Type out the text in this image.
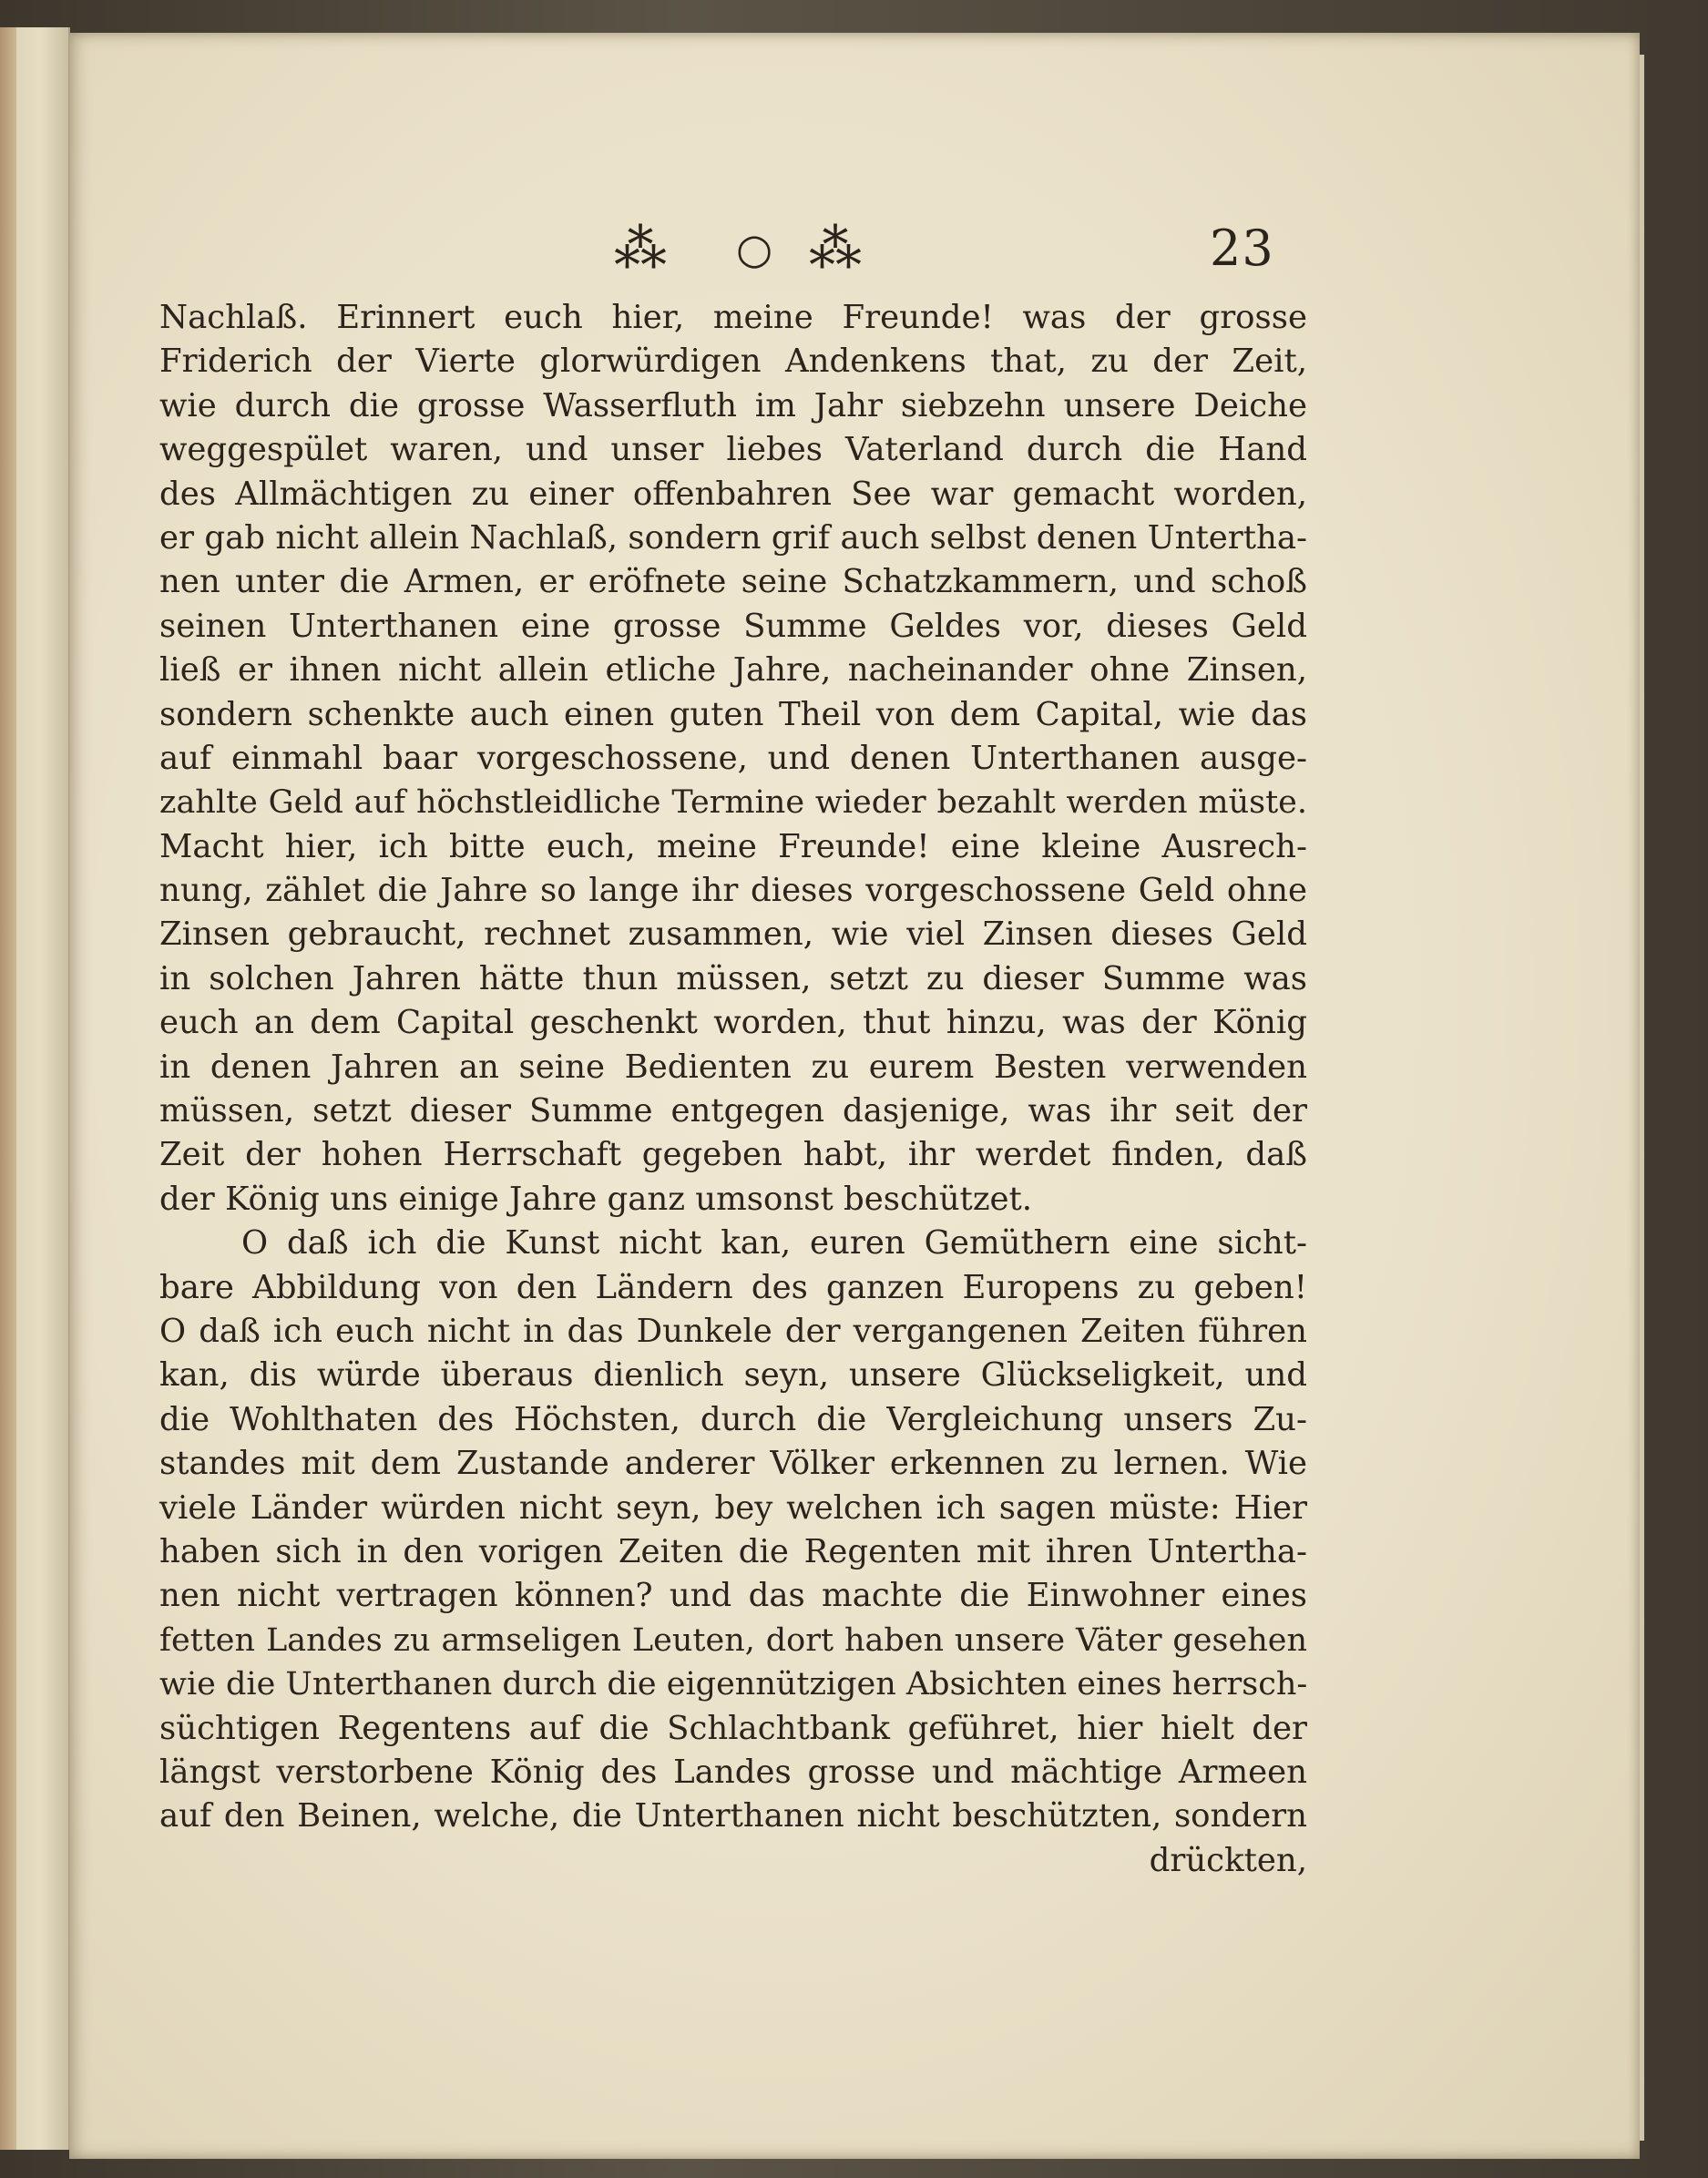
⁂ ○ ⁂	23
Nachlaß. Erinnert euch hier, meine Freunde! was der grosse
Friderich der Vierte glorwürdigen Andenkens that, zu der Zeit,
wie durch die grosse Wasserfluth im Jahr siebzehn unsere Deiche
weggespület waren, und unser liebes Vaterland durch die Hand
des Allmächtigen zu einer offenbahren See war gemacht worden,
er gab nicht allein Nachlaß, sondern grif auch selbst denen Untertha-
nen unter die Armen, er eröfnete seine Schatzkammern, und schoß
seinen Unterthanen eine grosse Summe Geldes vor, dieses Geld
ließ er ihnen nicht allein etliche Jahre, nacheinander ohne Zinsen,
sondern schenkte auch einen guten Theil von dem Capital, wie das
auf einmahl baar vorgeschossene, und denen Unterthanen ausge-
zahlte Geld auf höchstleidliche Termine wieder bezahlt werden müste.
Macht hier, ich bitte euch, meine Freunde! eine kleine Ausrech-
nung, zählet die Jahre so lange ihr dieses vorgeschossene Geld ohne
Zinsen gebraucht, rechnet zusammen, wie viel Zinsen dieses Geld
in solchen Jahren hätte thun müssen, setzt zu dieser Summe was
euch an dem Capital geschenkt worden, thut hinzu, was der König
in denen Jahren an seine Bedienten zu eurem Besten verwenden
müssen, setzt dieser Summe entgegen dasjenige, was ihr seit der
Zeit der hohen Herrschaft gegeben habt, ihr werdet finden, daß
der König uns einige Jahre ganz umsonst beschützet.
O daß ich die Kunst nicht kan, euren Gemüthern eine sicht-
bare Abbildung von den Ländern des ganzen Europens zu geben!
O daß ich euch nicht in das Dunkele der vergangenen Zeiten führen
kan, dis würde überaus dienlich seyn, unsere Glückseligkeit, und
die Wohlthaten des Höchsten, durch die Vergleichung unsers Zu-
standes mit dem Zustande anderer Völker erkennen zu lernen. Wie
viele Länder würden nicht seyn, bey welchen ich sagen müste: Hier
haben sich in den vorigen Zeiten die Regenten mit ihren Untertha-
nen nicht vertragen können? und das machte die Einwohner eines
fetten Landes zu armseligen Leuten, dort haben unsere Väter gesehen
wie die Unterthanen durch die eigennützigen Absichten eines herrsch-
süchtigen Regentens auf die Schlachtbank geführet, hier hielt der
längst verstorbene König des Landes grosse und mächtige Armeen
auf den Beinen, welche, die Unterthanen nicht beschützten, sondern
drückten,
